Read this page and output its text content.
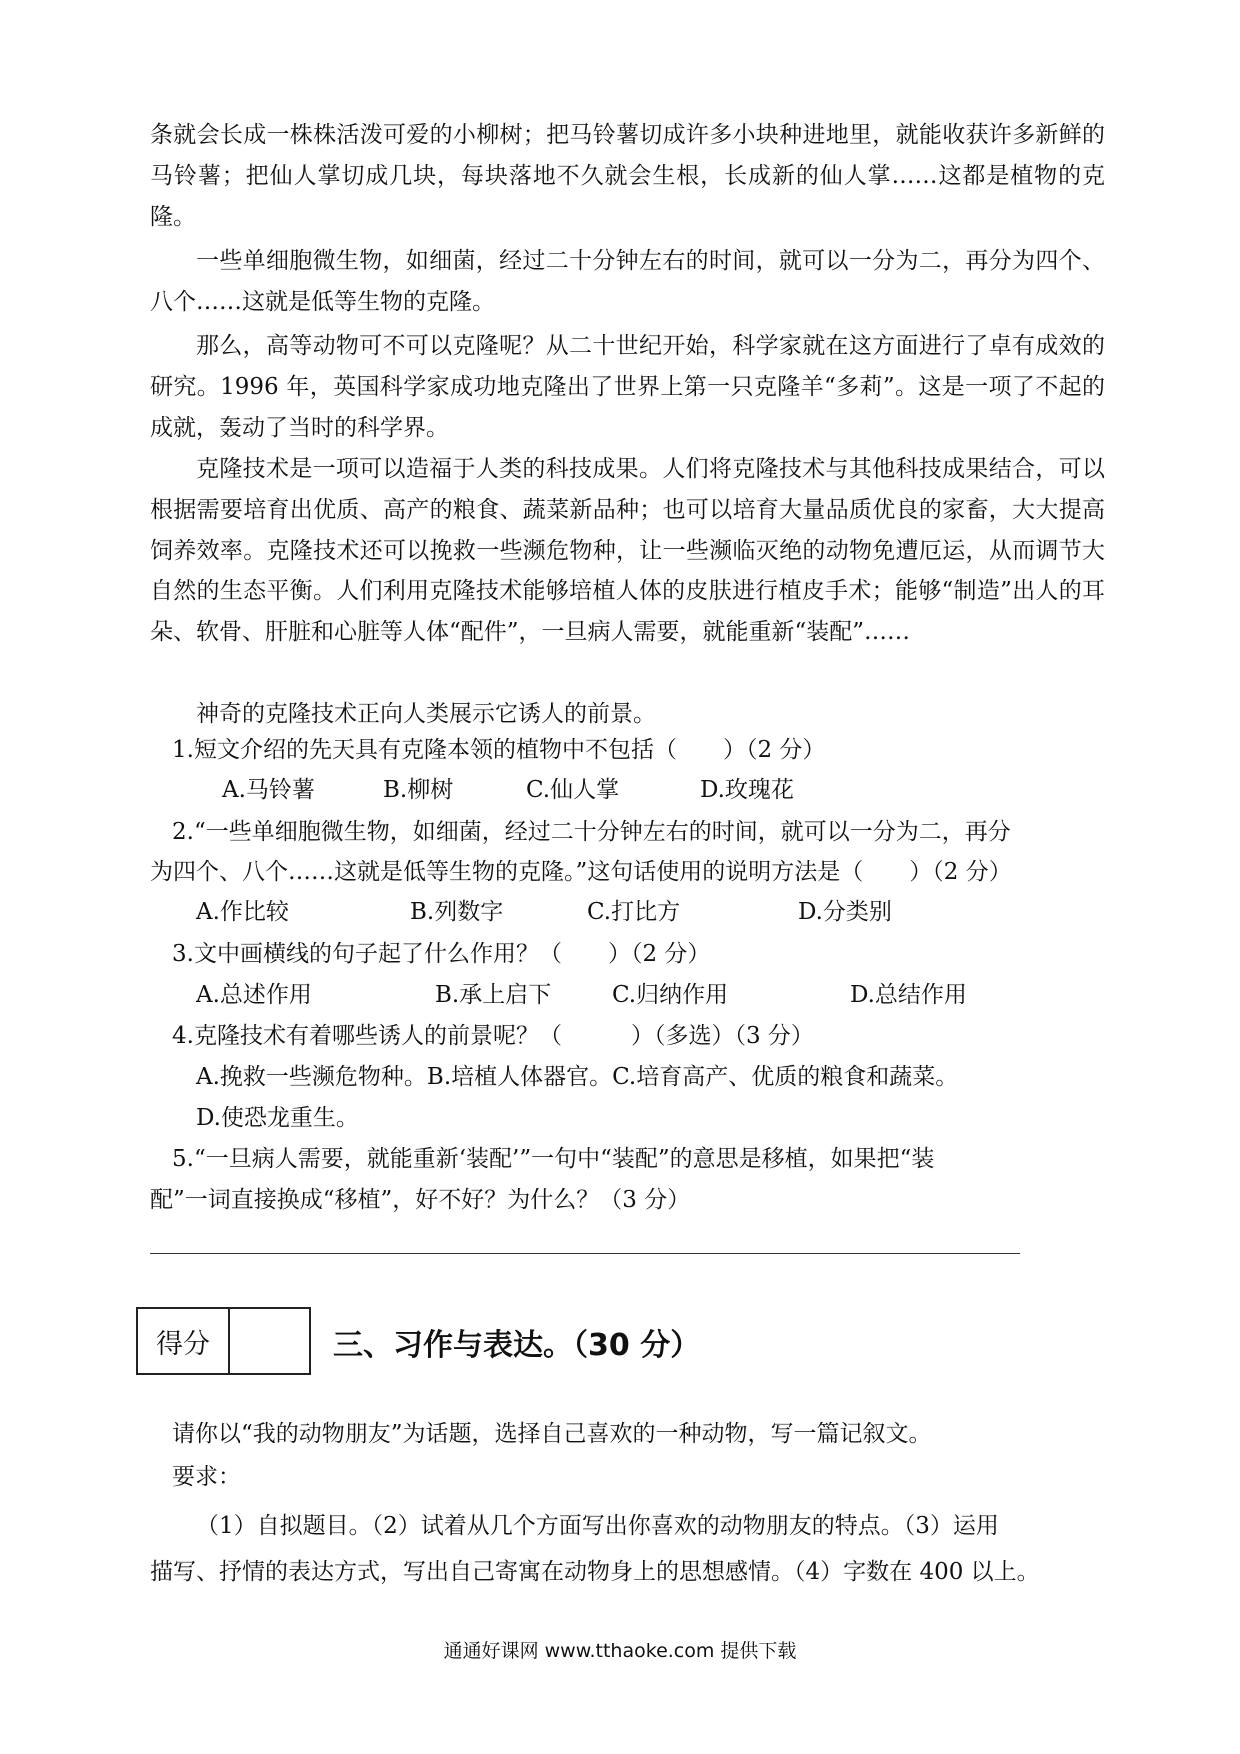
条就会长成一株株活泼可爱的小柳树；把马铃薯切成许多小块种进地里，就能收获许多新鲜的马铃薯；把仙人掌切成几块，每块落地不久就会生根，长成新的仙人掌……这都是植物的克隆。

一些单细胞微生物，如细菌，经过二十分钟左右的时间，就可以一分为二，再分为四个、八个……这就是低等生物的克隆。

那么，高等动物可不可以克隆呢？从二十世纪开始，科学家就在这方面进行了卓有成效的研究。1996 年，英国科学家成功地克隆出了世界上第一只克隆羊“多莉”。这是一项了不起的成就，轰动了当时的科学界。

克隆技术是一项可以造福于人类的科技成果。人们将克隆技术与其他科技成果结合，可以根据需要培育出优质、高产的粮食、蔬菜新品种；也可以培育大量品质优良的家畜，大大提高饲养效率。克隆技术还可以挽救一些濒危物种，让一些濒临灭绝的动物免遭厄运，从而调节大自然的生态平衡。人们利用克隆技术能够培植人体的皮肤进行植皮手术；能够“制造”出人的耳朵、软骨、肝脏和心脏等人体“配件”，一旦病人需要，就能重新“装配”……

神奇的克隆技术正向人类展示它诱人的前景。

1.短文介绍的先天具有克隆本领的植物中不包括（　　）（2 分）

A.马铃薯	B.柳树	C.仙人掌	D.玫瑰花

2.“一些单细胞微生物，如细菌，经过二十分钟左右的时间，就可以一分为二，再分

为四个、八个……这就是低等生物的克隆。”这句话使用的说明方法是（　　）（2 分）

A.作比较	B.列数字	C.打比方	D.分类别

3.文中画横线的句子起了什么作用？（　　）（2 分）

A.总述作用	B.承上启下	C.归纳作用	D.总结作用

4.克隆技术有着哪些诱人的前景呢？（　　　）（多选）（3 分）

A.挽救一些濒危物种。B.培植人体器官。C.培育高产、优质的粮食和蔬菜。

D.使恐龙重生。

5.“一旦病人需要，就能重新‘装配’”一句中“装配”的意思是移植，如果把“装

配”一词直接换成“移植”，好不好？为什么？（3 分）

得分	三、习作与表达。（30 分）

请你以“我的动物朋友”为话题，选择自己喜欢的一种动物，写一篇记叙文。

要求：

（1）自拟题目。（2）试着从几个方面写出你喜欢的动物朋友的特点。（3）运用

描写、抒情的表达方式，写出自己寄寓在动物身上的思想感情。（4）字数在 400 以上。

通通好课网 www.tthaoke.com 提供下载
